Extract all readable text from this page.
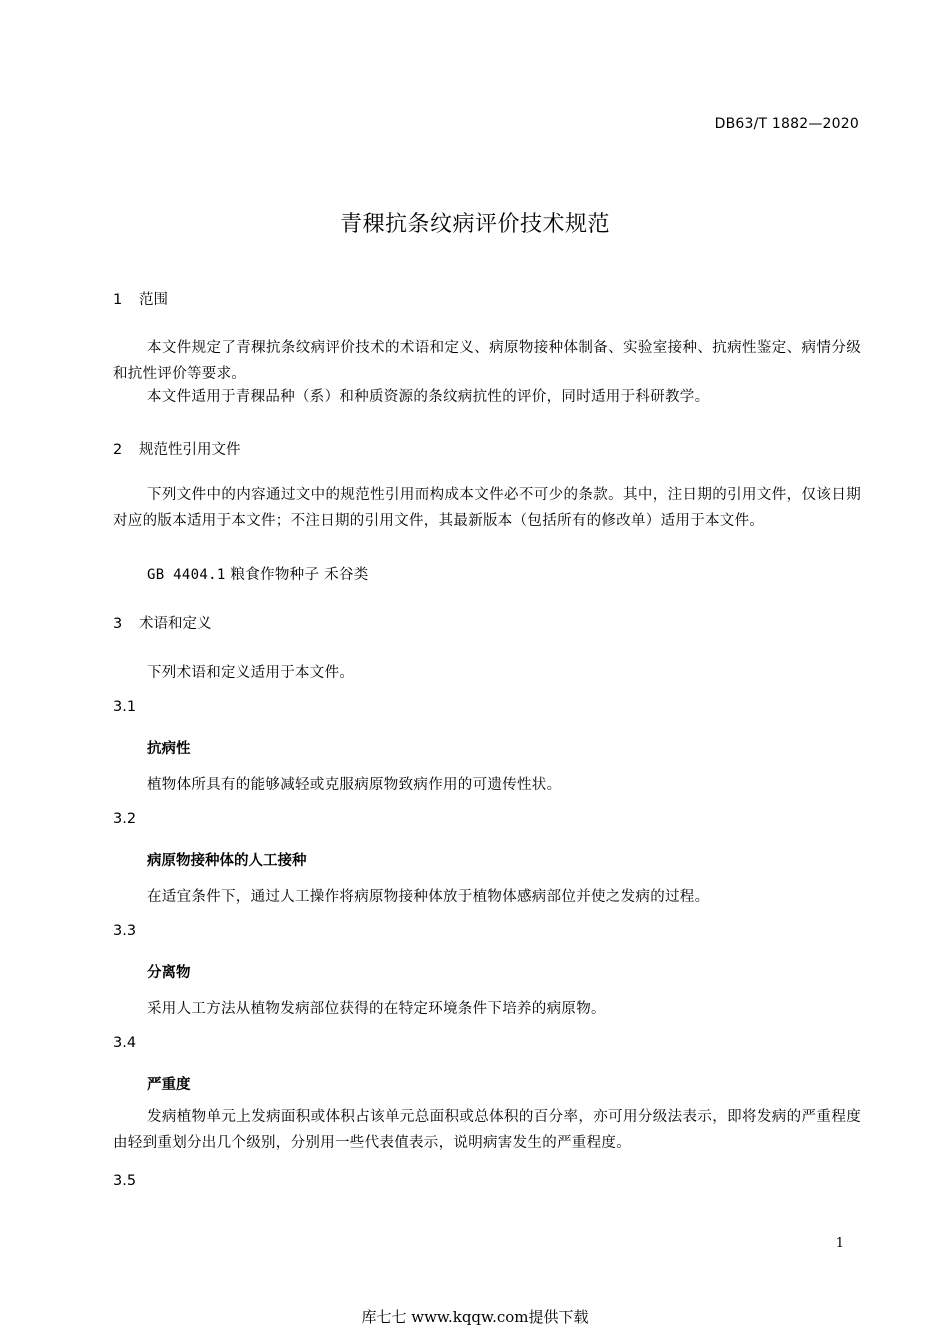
DB63/T 1882—2020
青稞抗条纹病评价技术规范
1 范围
本文件规定了青稞抗条纹病评价技术的术语和定义、病原物接种体制备、实验室接种、抗病性鉴定、病情分级和抗性评价等要求。
本文件适用于青稞品种（系）和种质资源的条纹病抗性的评价，同时适用于科研教学。
2 规范性引用文件
下列文件中的内容通过文中的规范性引用而构成本文件必不可少的条款。其中，注日期的引用文件，仅该日期对应的版本适用于本文件；不注日期的引用文件，其最新版本（包括所有的修改单）适用于本文件。
GB 4404.1 粮食作物种子 禾谷类
3 术语和定义
下列术语和定义适用于本文件。
3.1
抗病性
植物体所具有的能够减轻或克服病原物致病作用的可遗传性状。
3.2
病原物接种体的人工接种
在适宜条件下，通过人工操作将病原物接种体放于植物体感病部位并使之发病的过程。
3.3
分离物
采用人工方法从植物发病部位获得的在特定环境条件下培养的病原物。
3.4
严重度
发病植物单元上发病面积或体积占该单元总面积或总体积的百分率，亦可用分级法表示，即将发病的严重程度由轻到重划分出几个级别，分别用一些代表值表示，说明病害发生的严重程度。
3.5
1
库七七 www.kqqw.com提供下载
